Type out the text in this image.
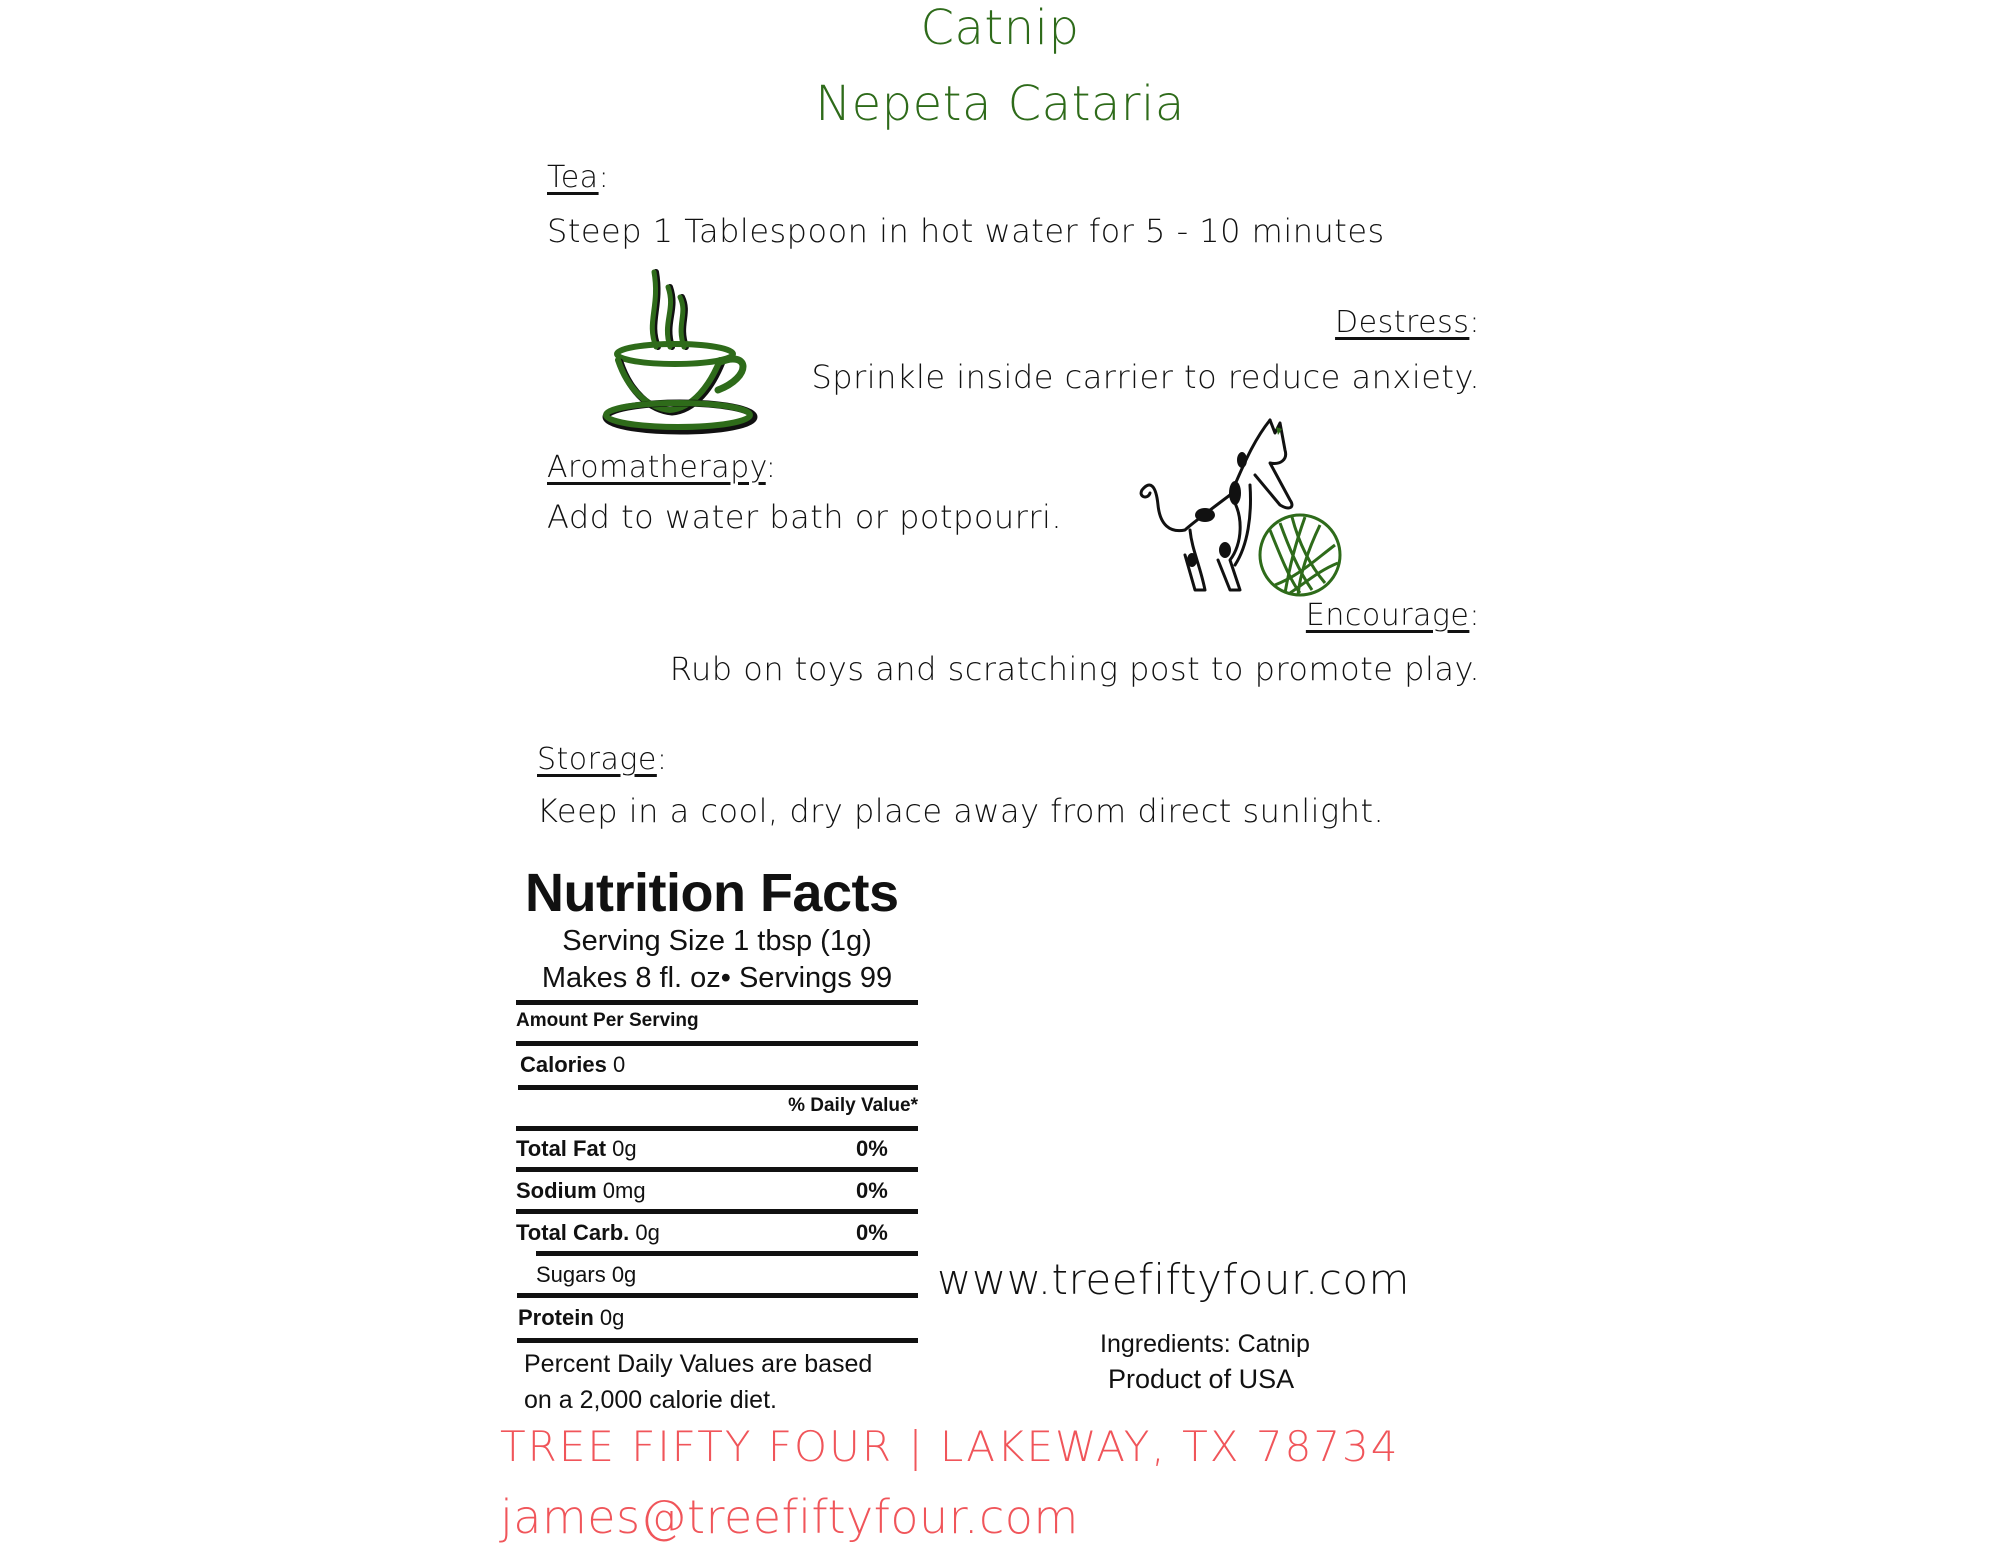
Catnip
Nepeta Cataria
Tea:
Steep 1 Tablespoon in hot water for 5 - 10 minutes
Destress:
Sprinkle inside carrier to reduce anxiety.
Aromatherapy:
Add to water bath or potpourri.
Encourage:
Rub on toys and scratching post to promote play.
Storage:
Keep in a cool, dry place away from direct sunlight.
Nutrition Facts
Serving Size 1 tbsp (1g)
Makes 8 fl. oz• Servings 99
Amount Per Serving
Calories 0
% Daily Value*
Total Fat 0g	0%
Sodium 0mg	0%
Total Carb. 0g	0%
Sugars 0g
Protein 0g
Percent Daily Values are based
on a 2,000 calorie diet.
www.treefiftyfour.com
Ingredients: Catnip
Product of USA
TREE FIFTY FOUR | LAKEWAY, TX 78734
james@treefiftyfour.com
